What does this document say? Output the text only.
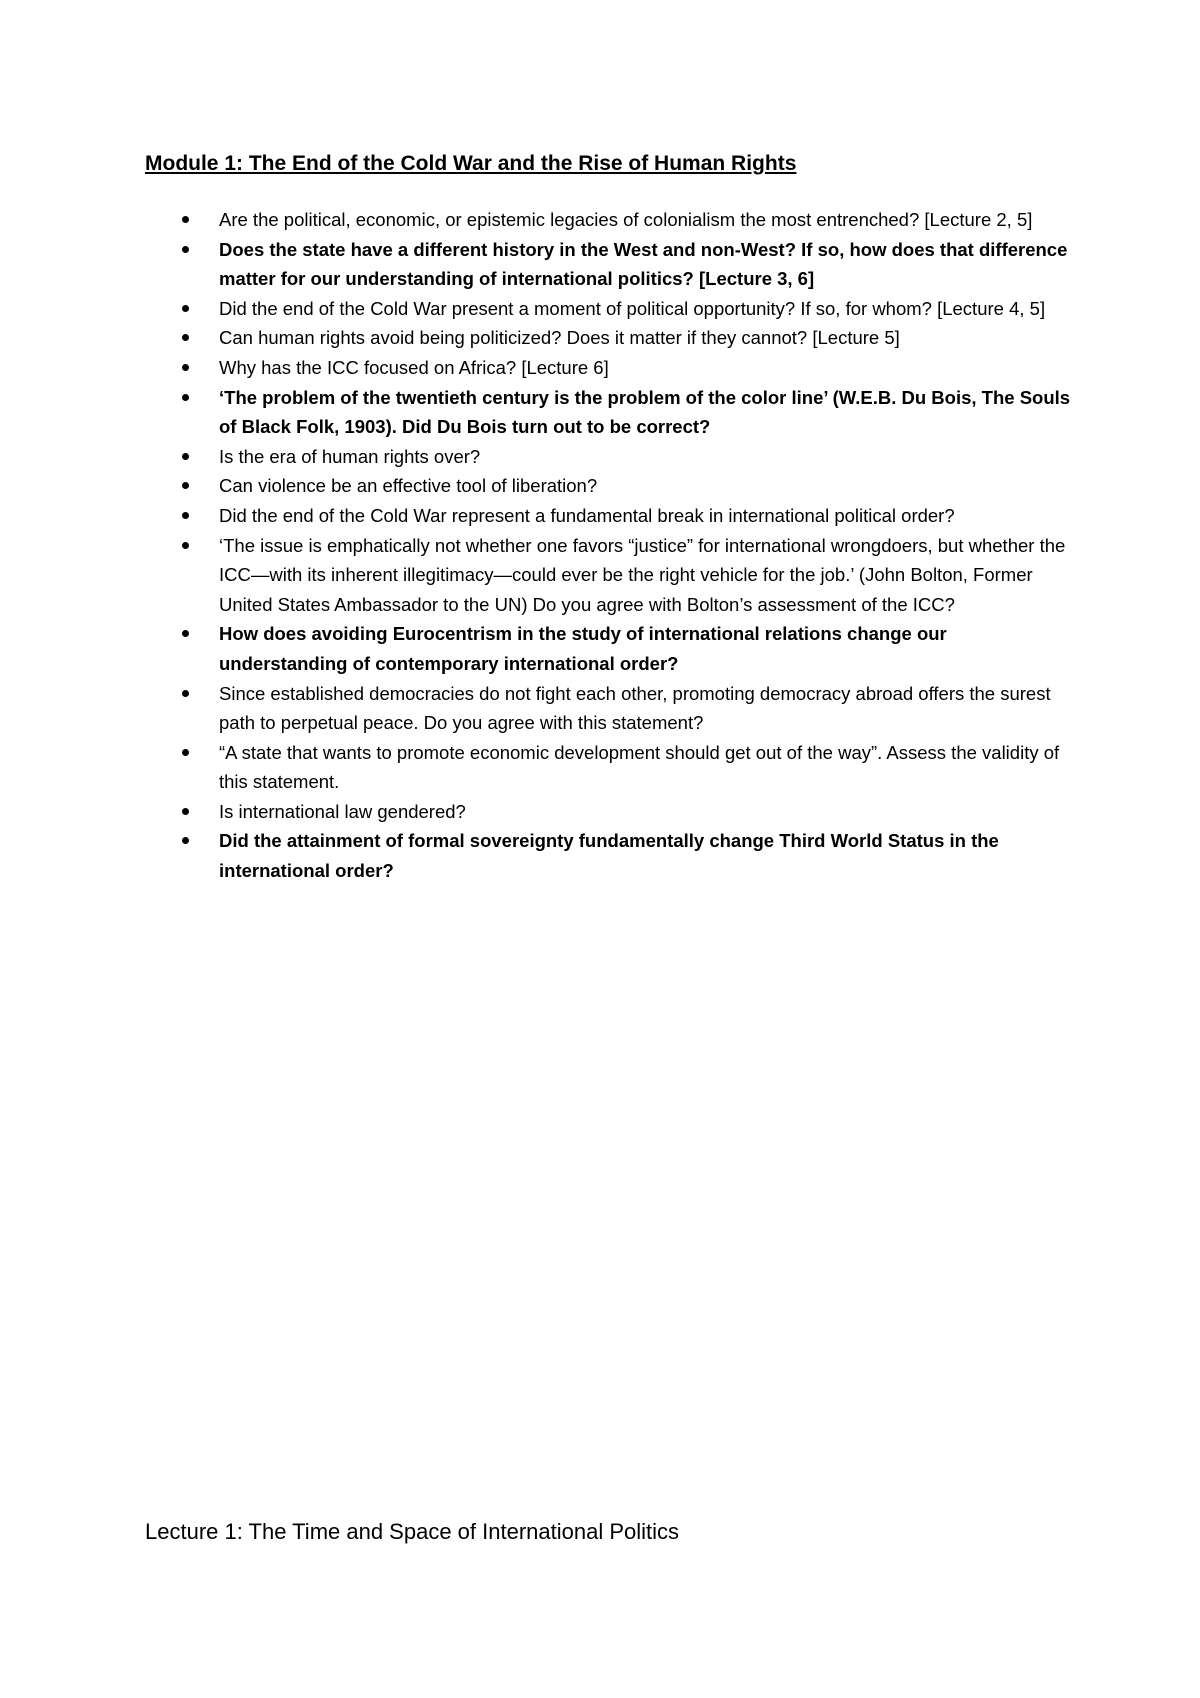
Module 1: The End of the Cold War and the Rise of Human Rights
Are the political, economic, or epistemic legacies of colonialism the most entrenched? [Lecture 2, 5]
Does the state have a different history in the West and non-West? If so, how does that difference matter for our understanding of international politics? [Lecture 3, 6]
Did the end of the Cold War present a moment of political opportunity? If so, for whom? [Lecture 4, 5]
Can human rights avoid being politicized? Does it matter if they cannot? [Lecture 5]
Why has the ICC focused on Africa? [Lecture 6]
‘The problem of the twentieth century is the problem of the color line’ (W.E.B. Du Bois, The Souls of Black Folk, 1903). Did Du Bois turn out to be correct?
Is the era of human rights over?
Can violence be an effective tool of liberation?
Did the end of the Cold War represent a fundamental break in international political order?
‘The issue is emphatically not whether one favors “justice” for international wrongdoers, but whether the ICC—with its inherent illegitimacy—could ever be the right vehicle for the job.’ (John Bolton, Former United States Ambassador to the UN) Do you agree with Bolton’s assessment of the ICC?
How does avoiding Eurocentrism in the study of international relations change our understanding of contemporary international order?
Since established democracies do not fight each other, promoting democracy abroad offers the surest path to perpetual peace. Do you agree with this statement?
“A state that wants to promote economic development should get out of the way”. Assess the validity of this statement.
Is international law gendered?
Did the attainment of formal sovereignty fundamentally change Third World Status in the international order?
Lecture 1: The Time and Space of International Politics
